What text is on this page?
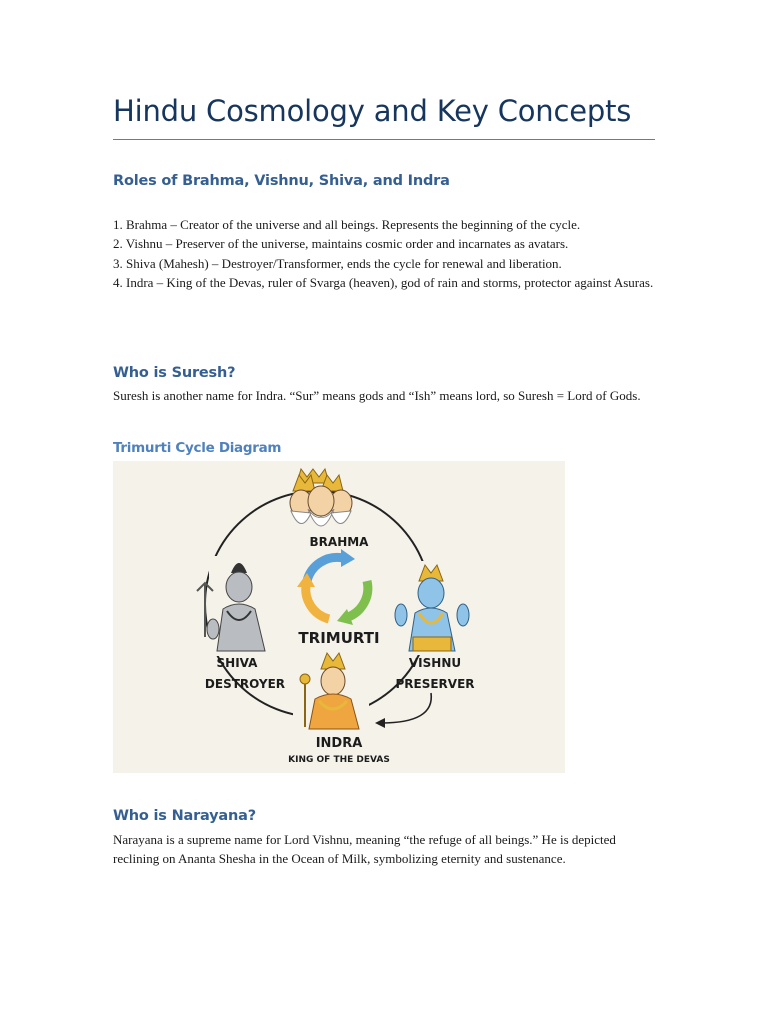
Hindu Cosmology and Key Concepts
Roles of Brahma, Vishnu, Shiva, and Indra

1. Brahma – Creator of the universe and all beings. Represents the beginning of the cycle.

2. Vishnu – Preserver of the universe, maintains cosmic order and incarnates as avatars.

3. Shiva (Mahesh) – Destroyer/Transformer, ends the cycle for renewal and liberation.

4. Indra – King of the Devas, ruler of Svarga (heaven), god of rain and storms, protector against Asuras.

Who is Suresh?
Suresh is another name for Indra. “Sur” means gods and “Ish” means lord, so Suresh = Lord of Gods.
Trimurti Cycle Diagram
BRAHMA
TRIMURTI
SHIVA
DESTROYER
VISHNU
PRESERVER
INDRA
KING OF THE DEVAS
Who is Narayana?
Narayana is a supreme name for Lord Vishnu, meaning “the refuge of all beings.” He is depicted reclining on Ananta Shesha in the Ocean of Milk, symbolizing eternity and sustenance.
